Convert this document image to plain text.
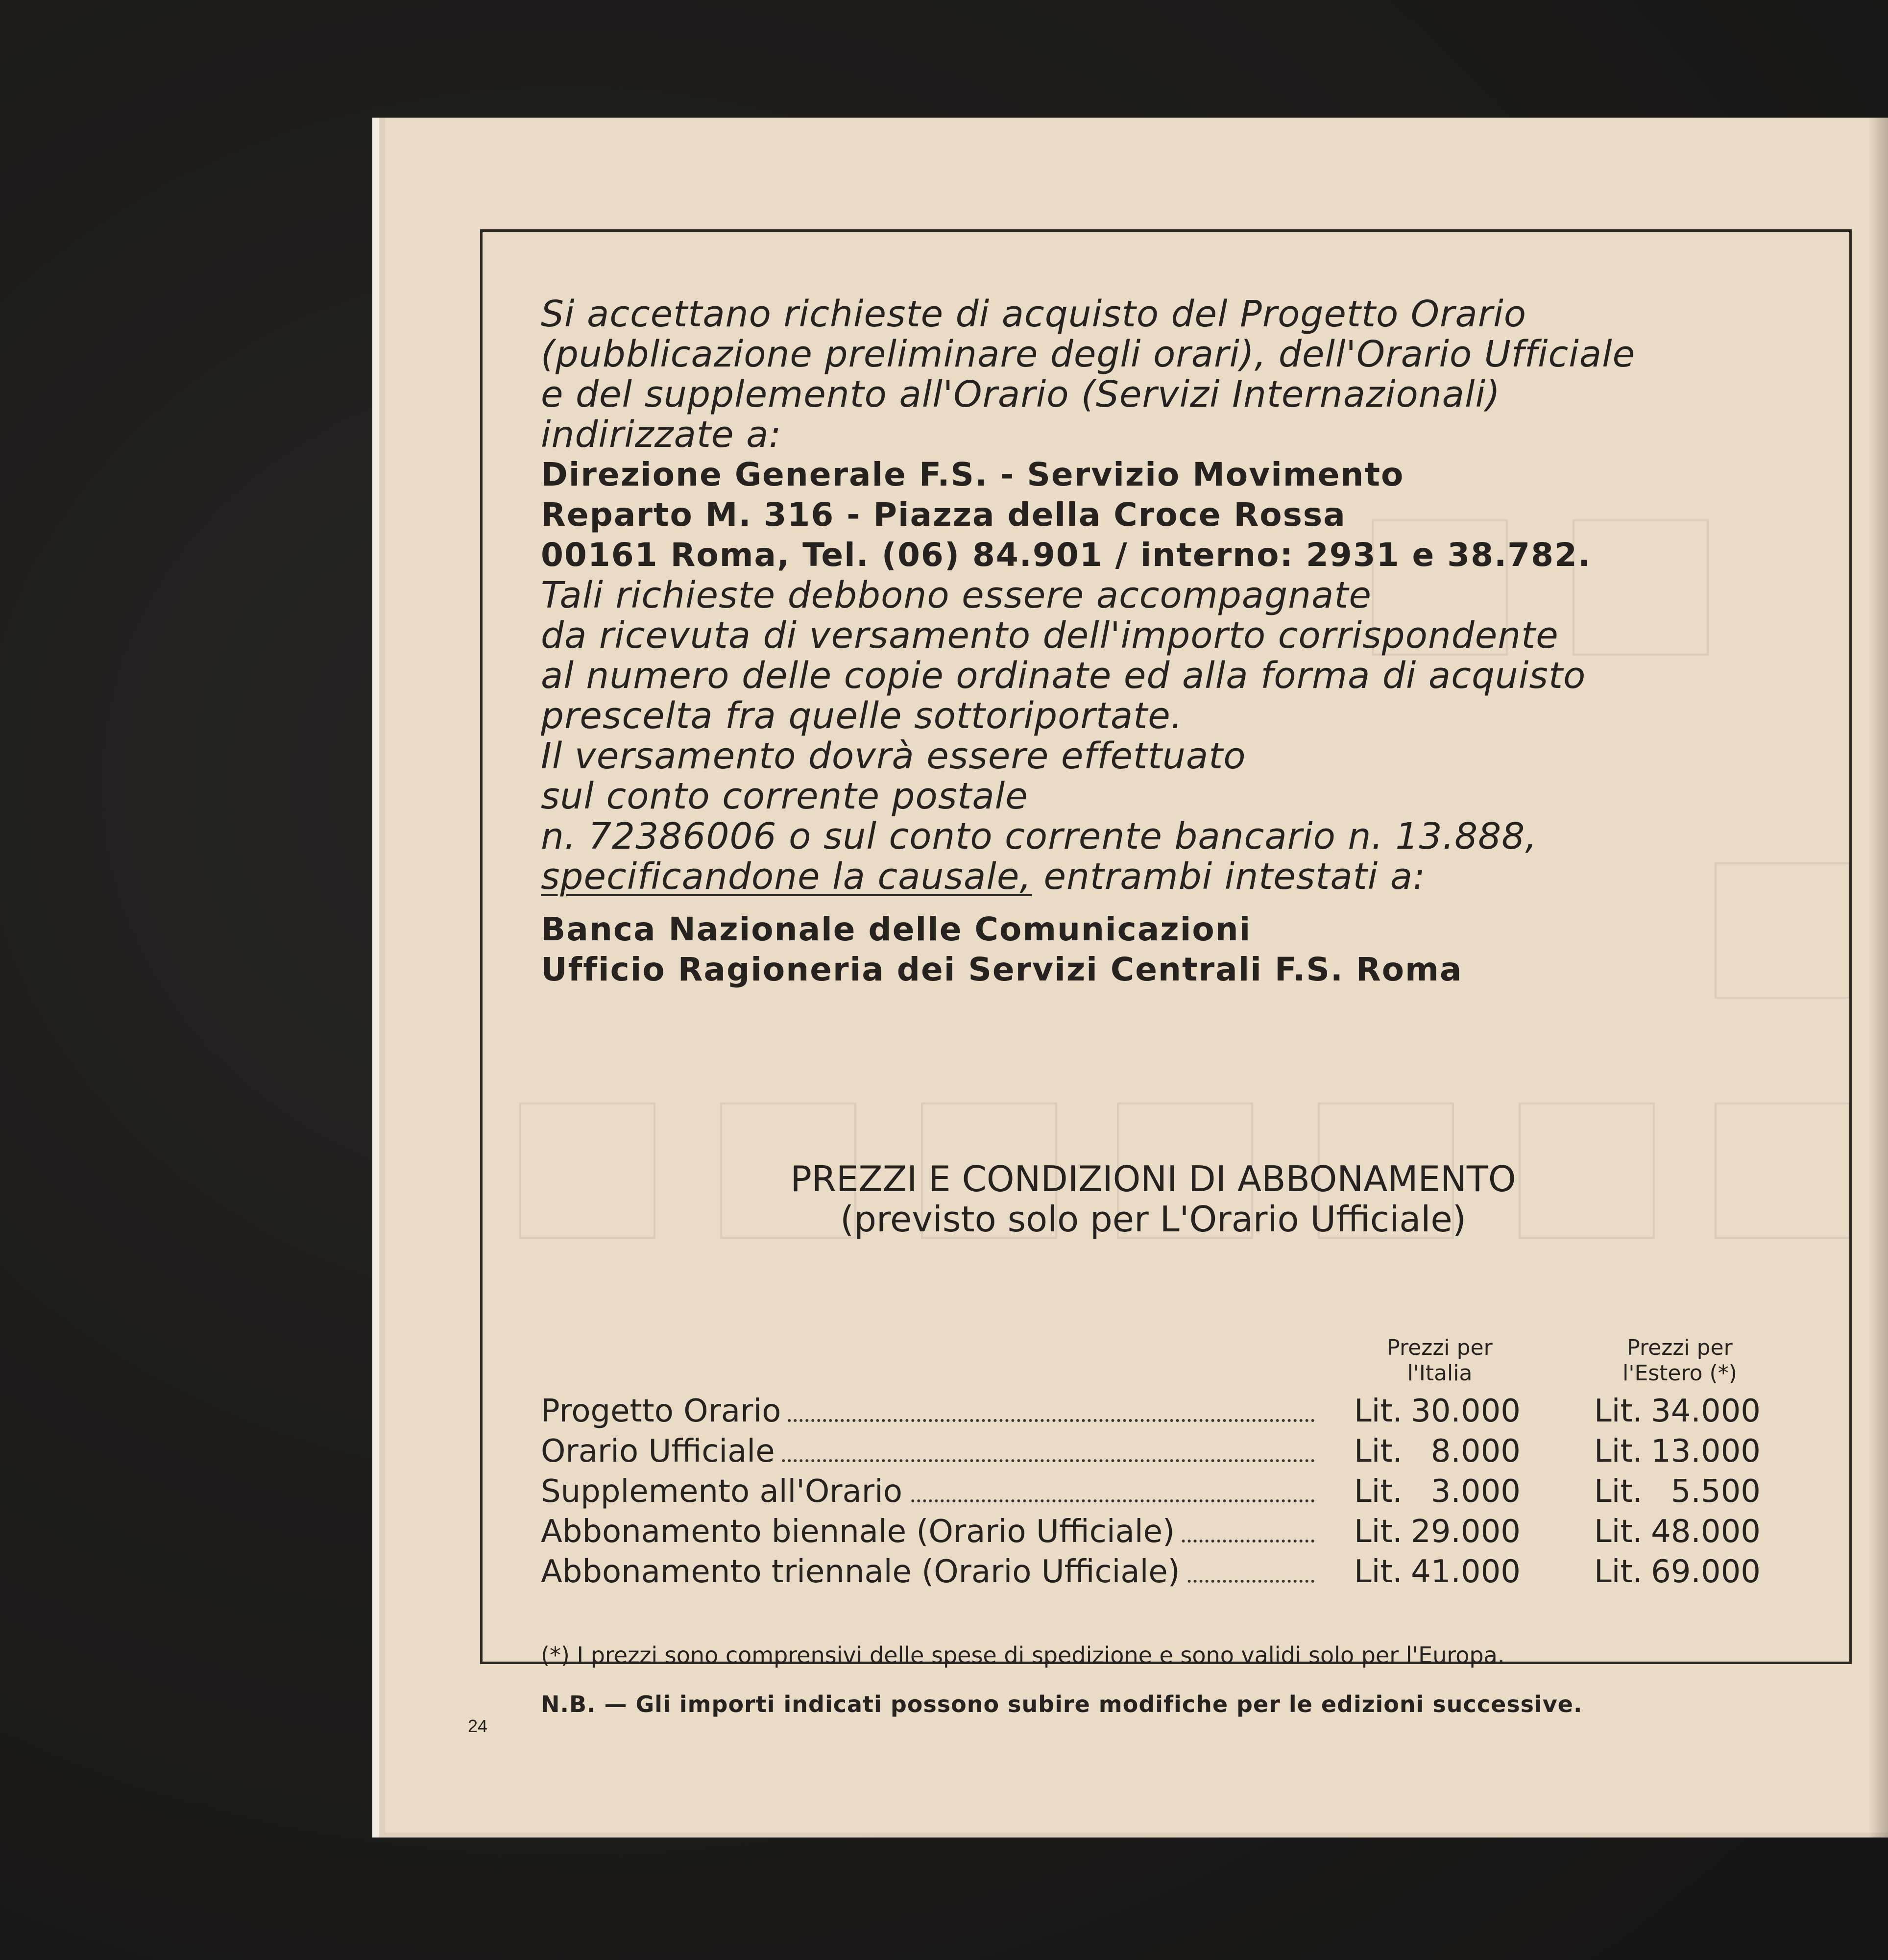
Si accettano richieste di acquisto del Progetto Orario
(pubblicazione preliminare degli orari), dell'Orario Ufficiale
e del supplemento all'Orario (Servizi Internazionali)
indirizzate a:
Direzione Generale F.S. - Servizio Movimento
Reparto M. 316 - Piazza della Croce Rossa
00161 Roma, Tel. (06) 84.901 / interno: 2931 e 38.782.
Tali richieste debbono essere accompagnate
da ricevuta di versamento dell'importo corrispondente
al numero delle copie ordinate ed alla forma di acquisto
prescelta fra quelle sottoriportate.
Il versamento dovrà essere effettuato
sul conto corrente postale
n. 72386006 o sul conto corrente bancario n. 13.888,
specificandone la causale, entrambi intestati a:
Banca Nazionale delle Comunicazioni
Ufficio Ragioneria dei Servizi Centrali F.S. Roma
PREZZI E CONDIZIONI DI ABBONAMENTO
(previsto solo per L'Orario Ufficiale)
Prezzi per
l'Italia
Prezzi per
l'Estero (*)
Progetto Orario	Lit. 30.000 Lit. 34.000
Orario Ufficiale	Lit. 8.000 Lit. 13.000
Supplemento all'Orario	Lit. 3.000 Lit. 5.500
Abbonamento biennale (Orario Ufficiale)	Lit. 29.000 Lit. 48.000
Abbonamento triennale (Orario Ufficiale)	Lit. 41.000 Lit. 69.000
(*) I prezzi sono comprensivi delle spese di spedizione e sono validi solo per l'Europa.
N.B. — Gli importi indicati possono subire modifiche per le edizioni successive.
24
